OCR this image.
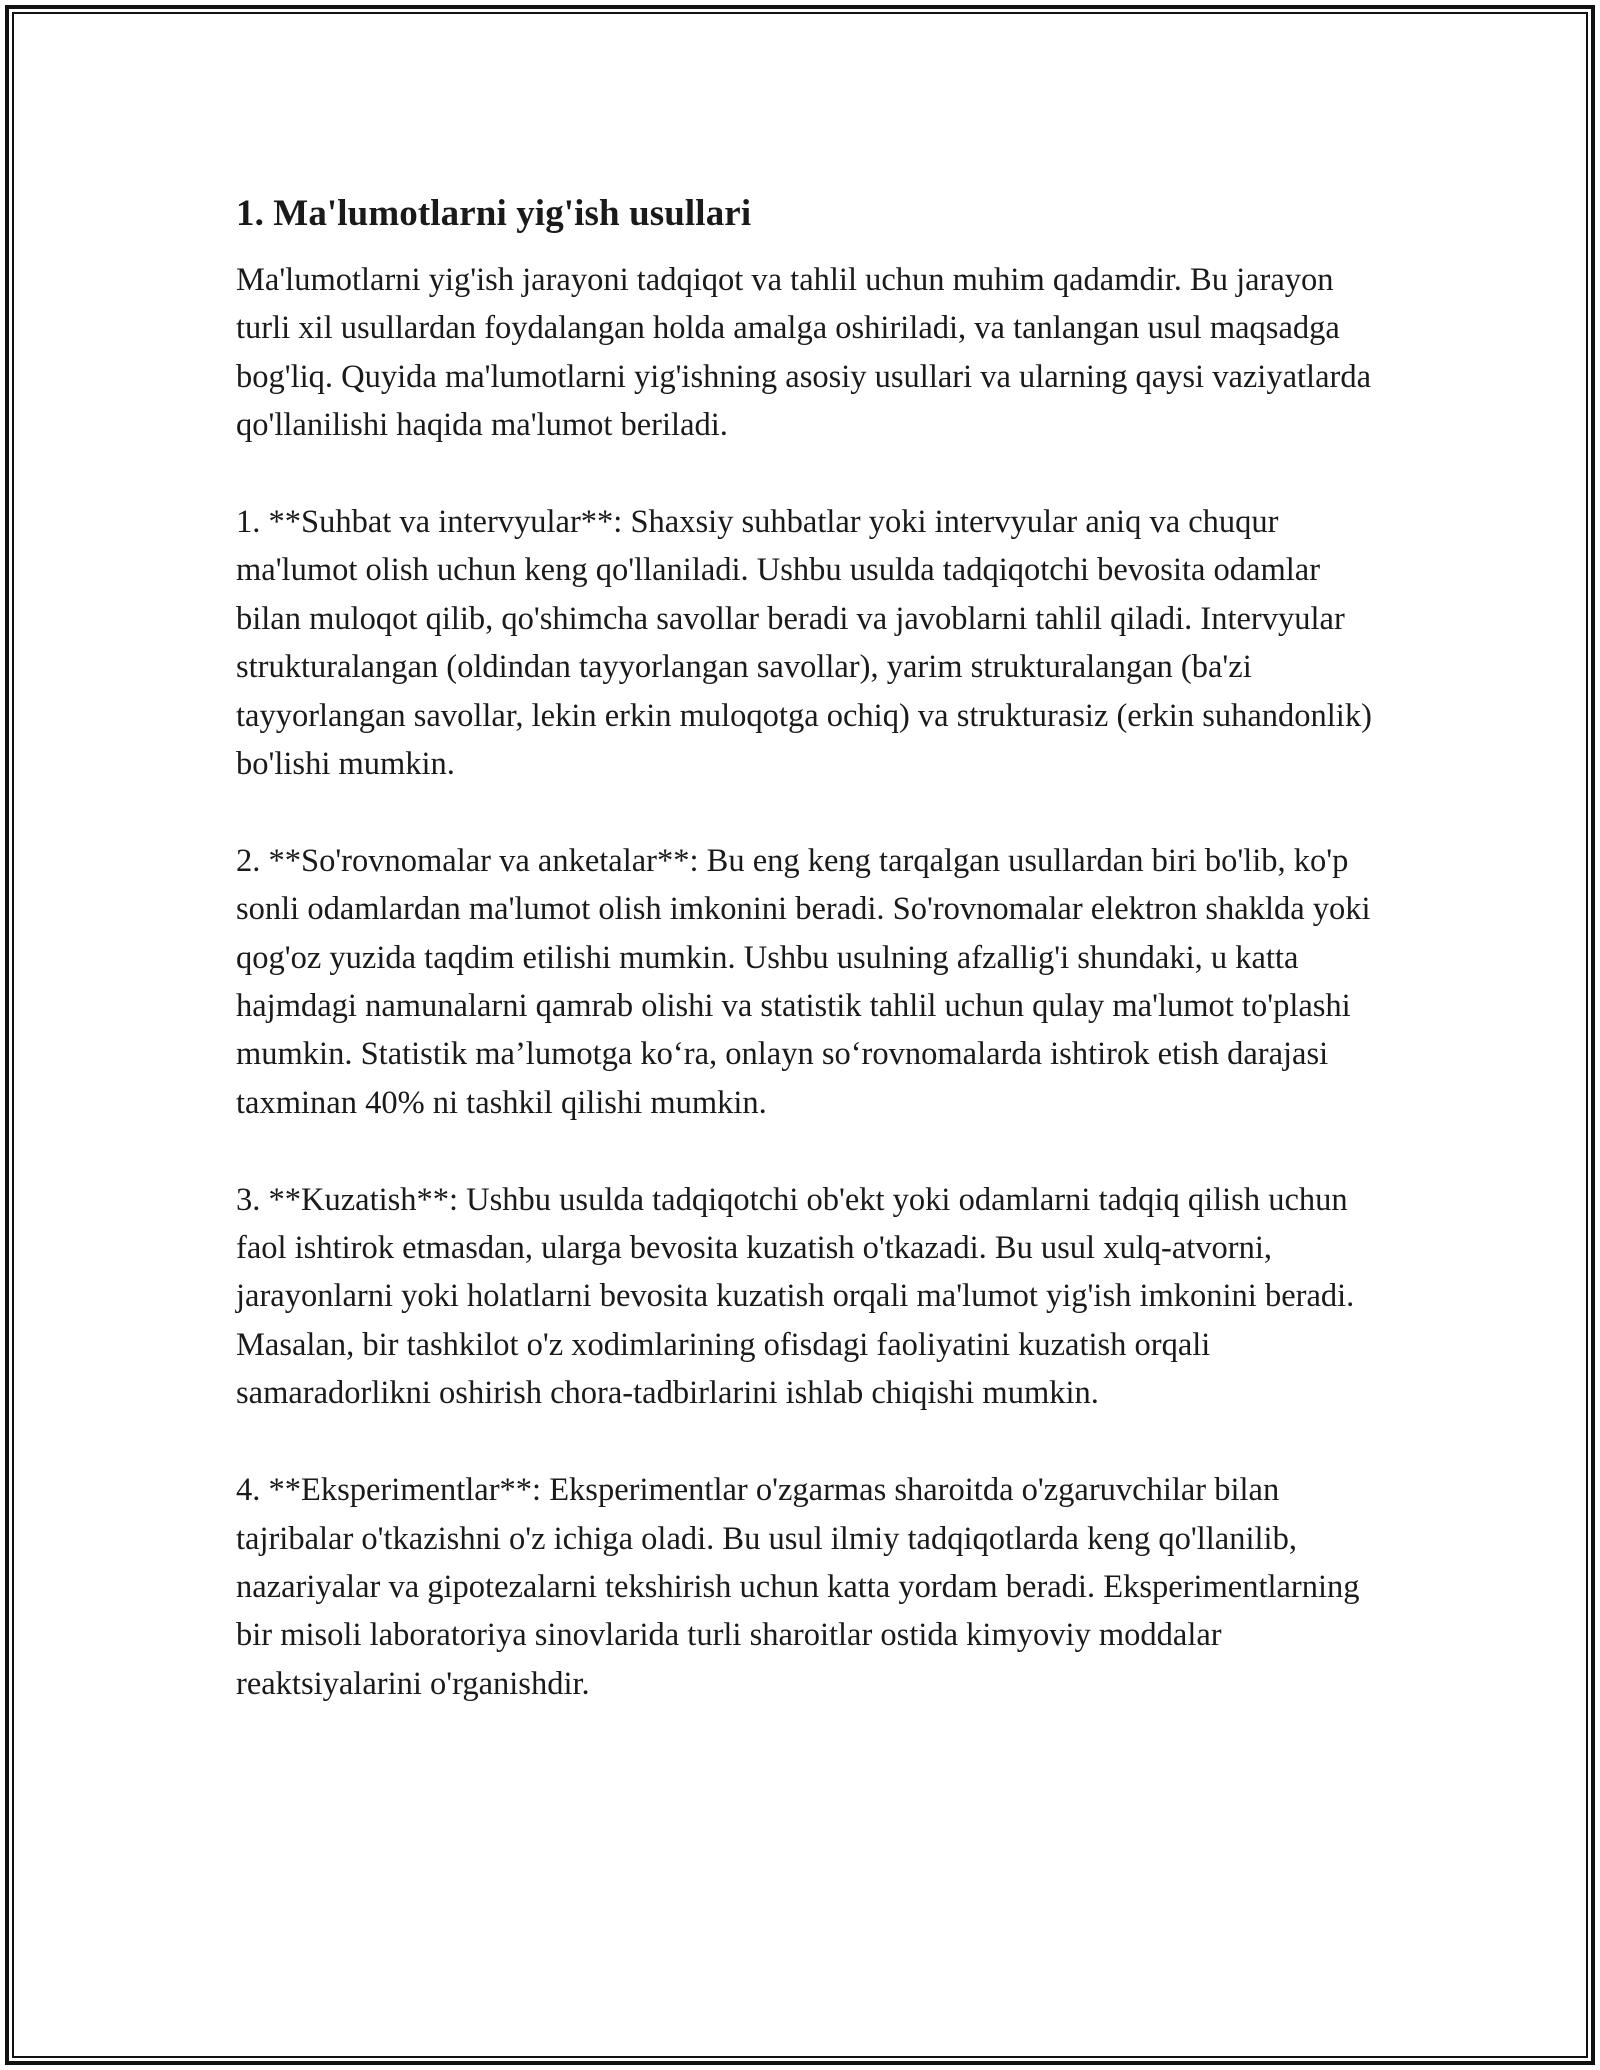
1. Ma'lumotlarni yig'ish usullari

Ma'lumotlarni yig'ish jarayoni tadqiqot va tahlil uchun muhim qadamdir. Bu jarayon turli xil usullardan foydalangan holda amalga oshiriladi, va tanlangan usul maqsadga bog'liq. Quyida ma'lumotlarni yig'ishning asosiy usullari va ularning qaysi vaziyatlarda qo'llanilishi haqida ma'lumot beriladi.

1. **Suhbat va intervyular**: Shaxsiy suhbatlar yoki intervyular aniq va chuqur ma'lumot olish uchun keng qo'llaniladi. Ushbu usulda tadqiqotchi bevosita odamlar bilan muloqot qilib, qo'shimcha savollar beradi va javoblarni tahlil qiladi. Intervyular strukturalangan (oldindan tayyorlangan savollar), yarim strukturalangan (ba'zi tayyorlangan savollar, lekin erkin muloqotga ochiq) va strukturasiz (erkin suhandonlik) bo'lishi mumkin.

2. **So'rovnomalar va anketalar**: Bu eng keng tarqalgan usullardan biri bo'lib, ko'p sonli odamlardan ma'lumot olish imkonini beradi. So'rovnomalar elektron shaklda yoki qog'oz yuzida taqdim etilishi mumkin. Ushbu usulning afzallig'i shundaki, u katta hajmdagi namunalarni qamrab olishi va statistik tahlil uchun qulay ma'lumot to'plashi mumkin. Statistik ma’lumotga ko‘ra, onlayn so‘rovnomalarda ishtirok etish darajasi taxminan 40% ni tashkil qilishi mumkin.

3. **Kuzatish**: Ushbu usulda tadqiqotchi ob'ekt yoki odamlarni tadqiq qilish uchun faol ishtirok etmasdan, ularga bevosita kuzatish o'tkazadi. Bu usul xulq-atvorni, jarayonlarni yoki holatlarni bevosita kuzatish orqali ma'lumot yig'ish imkonini beradi. Masalan, bir tashkilot o'z xodimlarining ofisdagi faoliyatini kuzatish orqali samaradorlikni oshirish chora-tadbirlarini ishlab chiqishi mumkin.

4. **Eksperimentlar**: Eksperimentlar o'zgarmas sharoitda o'zgaruvchilar bilan tajribalar o'tkazishni o'z ichiga oladi. Bu usul ilmiy tadqiqotlarda keng qo'llanilib, nazariyalar va gipotezalarni tekshirish uchun katta yordam beradi. Eksperimentlarning bir misoli laboratoriya sinovlarida turli sharoitlar ostida kimyoviy moddalar reaktsiyalarini o'rganishdir.
